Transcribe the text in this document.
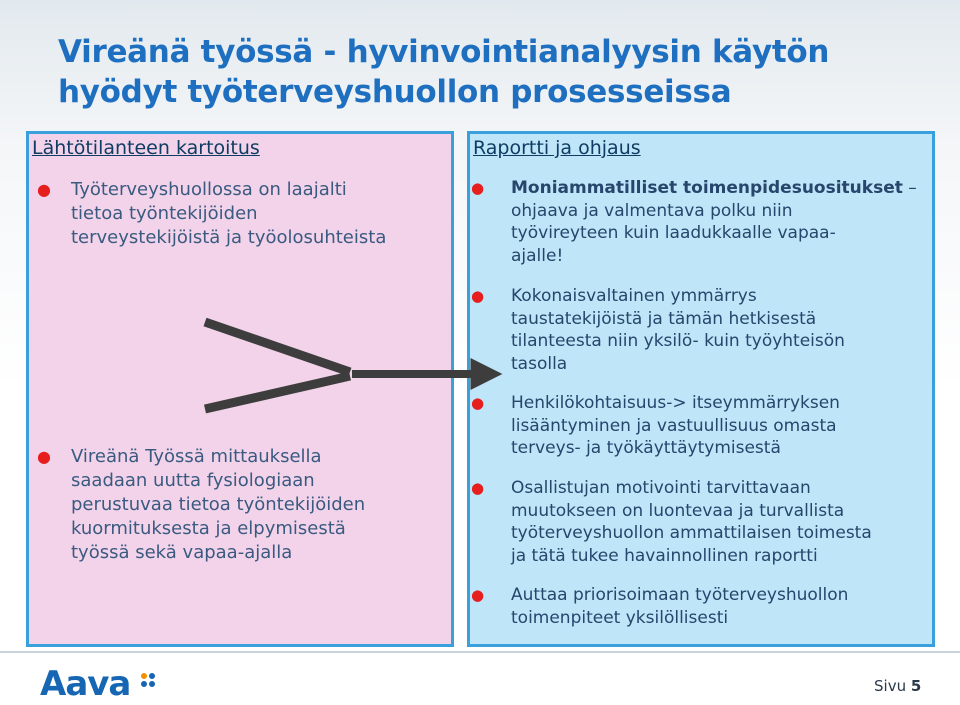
Vireänä työssä - hyvinvointianalyysin käytön
hyödyt työterveyshuollon prosesseissa
Lähtötilanteen kartoitus
● Työterveyshuollossa on laajalti
tietoa työntekijöiden
terveystekijöistä ja työolosuhteista
● Vireänä Työssä mittauksella
saadaan uutta fysiologiaan
perustuvaa tietoa työntekijöiden
kuormituksesta ja elpymisestä
työssä sekä vapaa-ajalla
Raportti ja ohjaus
● Moniammatilliset toimenpidesuositukset –
ohjaava ja valmentava polku niin
työvireyteen kuin laadukkaalle vapaa-
ajalle!
● Kokonaisvaltainen ymmärrys
taustatekijöistä ja tämän hetkisestä
tilanteesta niin yksilö- kuin työyhteisön
tasolla
● Henkilökohtaisuus-> itseymmärryksen
lisääntyminen ja vastuullisuus omasta
terveys- ja työkäyttäytymisestä
● Osallistujan motivointi tarvittavaan
muutokseen on luontevaa ja turvallista
työterveyshuollon ammattilaisen toimesta
ja tätä tukee havainnollinen raportti
● Auttaa priorisoimaan työterveyshuollon
toimenpiteet yksilöllisesti
Aava	Sivu 5
